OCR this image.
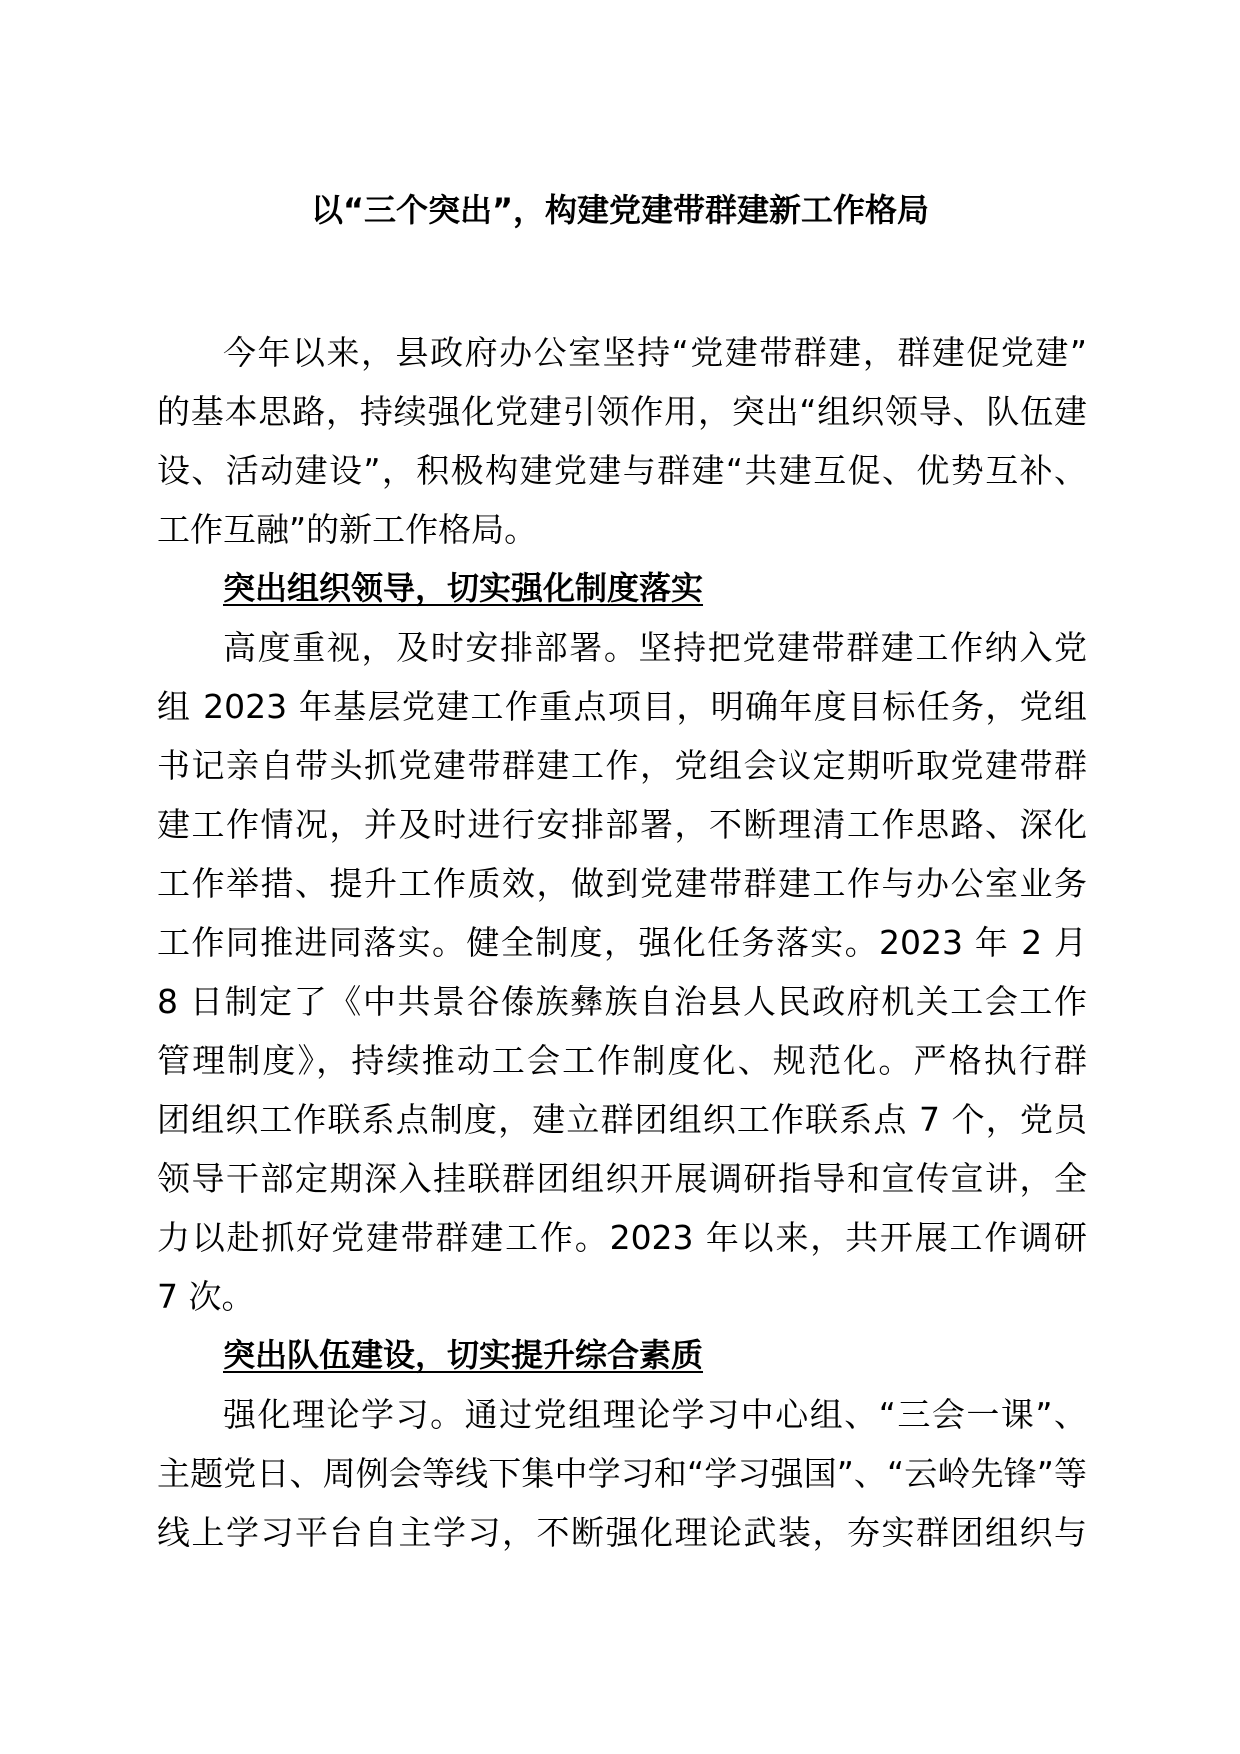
以“三个突出”，构建党建带群建新工作格局
今年以来，县政府办公室坚持“党建带群建，群建促党建”
的基本思路，持续强化党建引领作用，突出“组织领导、队伍建
设、活动建设”，积极构建党建与群建“共建互促、优势互补、
工作互融”的新工作格局。
突出组织领导，切实强化制度落实
高度重视，及时安排部署。坚持把党建带群建工作纳入党
组 2023 年基层党建工作重点项目，明确年度目标任务，党组
书记亲自带头抓党建带群建工作，党组会议定期听取党建带群
建工作情况，并及时进行安排部署，不断理清工作思路、深化
工作举措、提升工作质效，做到党建带群建工作与办公室业务
工作同推进同落实。健全制度，强化任务落实。2023 年 2 月
8 日制定了《中共景谷傣族彝族自治县人民政府机关工会工作
管理制度》，持续推动工会工作制度化、规范化。严格执行群
团组织工作联系点制度，建立群团组织工作联系点 7 个，党员
领导干部定期深入挂联群团组织开展调研指导和宣传宣讲，全
力以赴抓好党建带群建工作。2023 年以来，共开展工作调研
7 次。
突出队伍建设，切实提升综合素质
强化理论学习。通过党组理论学习中心组、“三会一课”、
主题党日、周例会等线下集中学习和“学习强国”、“云岭先锋”等
线上学习平台自主学习，不断强化理论武装，夯实群团组织与
